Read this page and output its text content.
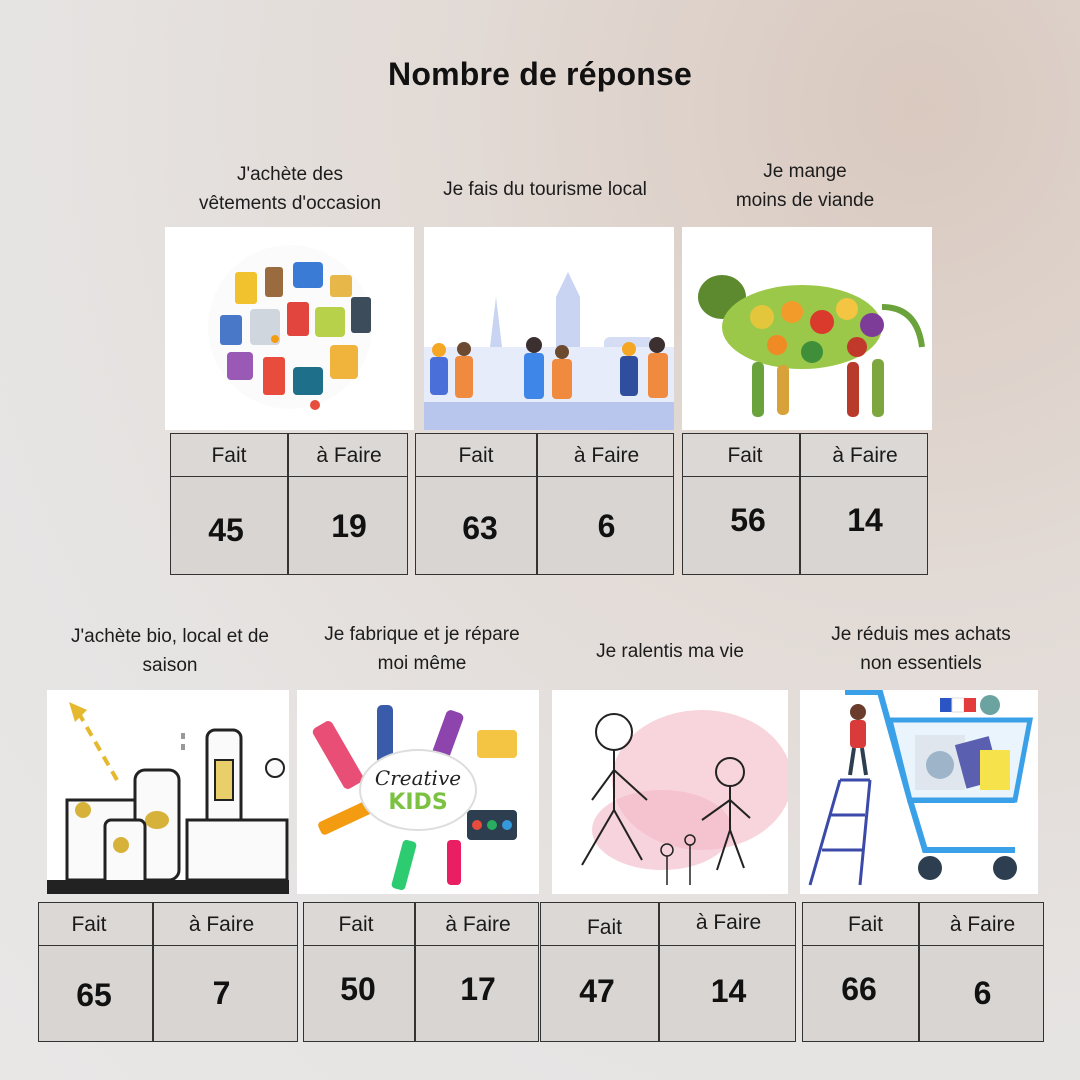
Nombre de réponse
J'achète des
vêtements d'occasion
Fait	à Faire
45	19
Je fais du tourisme local
Fait	à Faire
63	6
Je mange
moins de viande
Fait	à Faire
56	14
J'achète bio, local et de
saison
Fait	à Faire
65	7
Je fabrique et je répare
moi même
Creative
KIDS
Fait	à Faire
50	17
Je ralentis ma vie
Fait	à Faire
47	14
Je réduis mes achats
non essentiels
Fait	à Faire
66	6
